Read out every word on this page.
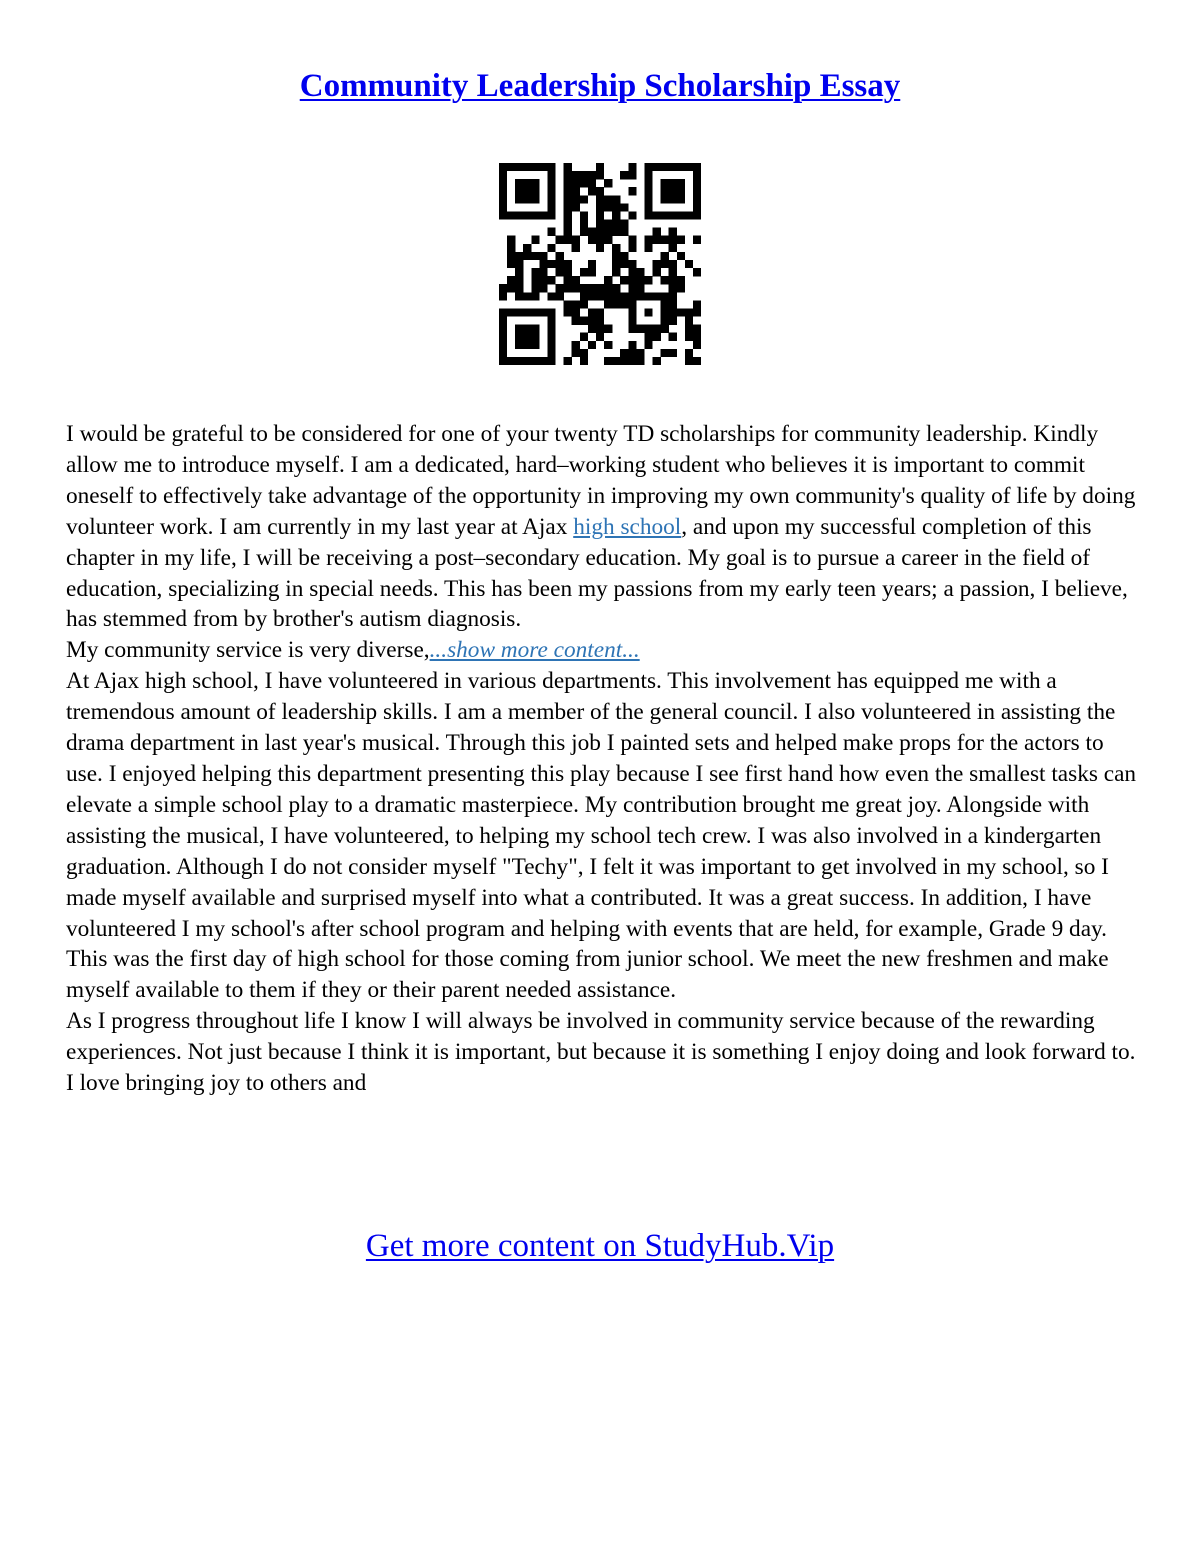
Community Leadership Scholarship Essay

I would be grateful to be considered for one of your twenty TD scholarships for community leadership. Kindly allow me to introduce myself. I am a dedicated, hard–working student who believes it is important to commit oneself to effectively take advantage of the opportunity in improving my own community's quality of life by doing volunteer work. I am currently in my last year at Ajax high school, and upon my successful completion of this chapter in my life, I will be receiving a post–secondary education. My goal is to pursue a career in the field of education, specializing in special needs. This has been my passions from my early teen years; a passion, I believe, has stemmed from by brother's autism diagnosis.

My community service is very diverse,...show more content...

At Ajax high school, I have volunteered in various departments. This involvement has equipped me with a tremendous amount of leadership skills. I am a member of the general council. I also volunteered in assisting the drama department in last year's musical. Through this job I painted sets and helped make props for the actors to use. I enjoyed helping this department presenting this play because I see first hand how even the smallest tasks can elevate a simple school play to a dramatic masterpiece. My contribution brought me great joy. Alongside with assisting the musical, I have volunteered, to helping my school tech crew. I was also involved in a kindergarten graduation. Although I do not consider myself "Techy", I felt it was important to get involved in my school, so I made myself available and surprised myself into what a contributed. It was a great success. In addition, I have volunteered I my school's after school program and helping with events that are held, for example, Grade 9 day. This was the first day of high school for those coming from junior school. We meet the new freshmen and make myself available to them if they or their parent needed assistance.

As I progress throughout life I know I will always be involved in community service because of the rewarding experiences. Not just because I think it is important, but because it is something I enjoy doing and look forward to. I love bringing joy to others and

Get more content on StudyHub.Vip
